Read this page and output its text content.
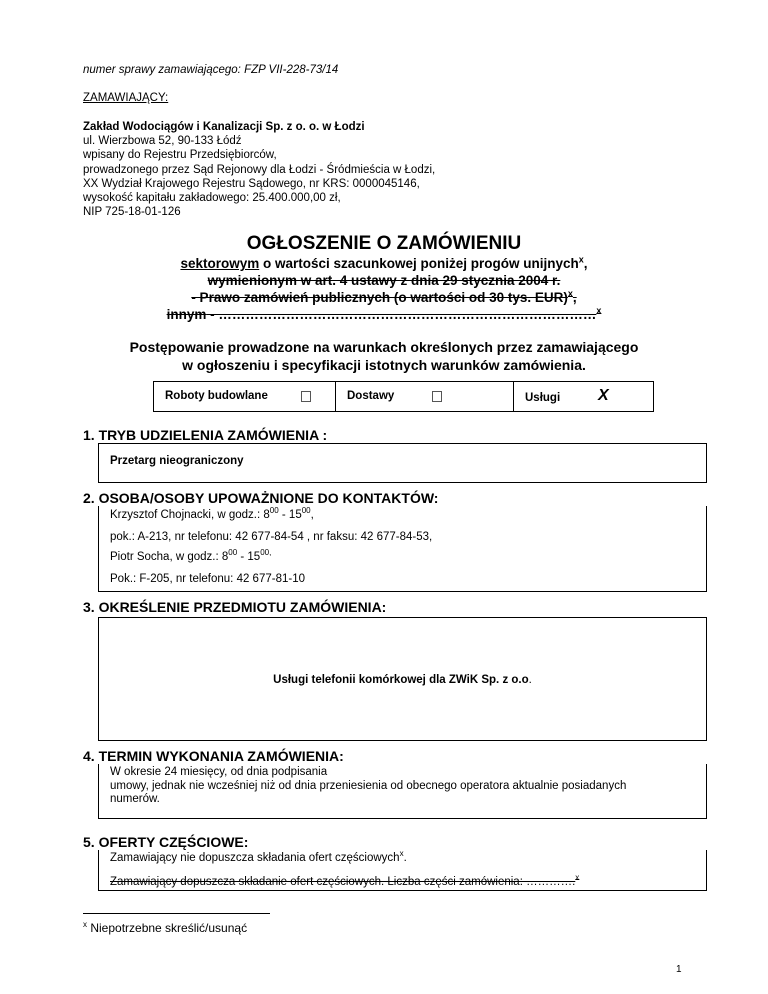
numer sprawy zamawiającego: FZP VII-228-73/14
ZAMAWIAJĄCY:
Zakład Wodociągów i Kanalizacji Sp. z o. o. w Łodzi
ul. Wierzbowa 52, 90-133 Łódź
wpisany do Rejestru Przedsiębiorców,
prowadzonego przez Sąd Rejonowy dla Łodzi - Śródmieścia w Łodzi,
XX Wydział Krajowego Rejestru Sądowego, nr KRS: 0000045146,
wysokość kapitału zakładowego: 25.400.000,00 zł,
NIP 725-18-01-126
OGŁOSZENIE O ZAMÓWIENIU
sektorowym o wartości szacunkowej poniżej progów unijnych$^x$,
wymienionym w art. 4 ustawy z dnia 29 stycznia 2004 r.
- Prawo zamówień publicznych (o wartości od 30 tys. EUR)$^x$,
innym - …………………………………………………………………………$^x$
Postępowanie prowadzone na warunkach określonych przez zamawiającego
w ogłoszeniu i specyfikacji istotnych warunków zamówienia.
Roboty budowlane	Dostawy	Usługi X
1. TRYB UDZIELENIA ZAMÓWIENIA :
Przetarg nieograniczony
2. OSOBA/OSOBY UPOWAŻNIONE DO KONTAKTÓW:
Krzysztof Chojnacki, w godz.: $8^{00} - 15^{00}$,
pok.: A-213, nr telefonu: 42 677-84-54 , nr faksu: 42 677-84-53,
Piotr Socha, w godz.: $8^{00} - 15^{00,}$
Pok.: F-205, nr telefonu: 42 677-81-10
3. OKREŚLENIE PRZEDMIOTU ZAMÓWIENIA:
Usługi telefonii komórkowej dla ZWiK Sp. z o.o.
4. TERMIN WYKONANIA ZAMÓWIENIA:
W okresie 24 miesięcy, od dnia podpisania
umowy, jednak nie wcześniej niż od dnia przeniesienia od obecnego operatora aktualnie posiadanych
numerów.
5. OFERTY CZĘŚCIOWE:
Zamawiający nie dopuszcza składania ofert częściowych$^x$.
Zamawiający dopuszcza składanie ofert częściowych. Liczba części zamówienia: ………….$^x$
$^x$ Niepotrzebne skreślić/usunąć
1
